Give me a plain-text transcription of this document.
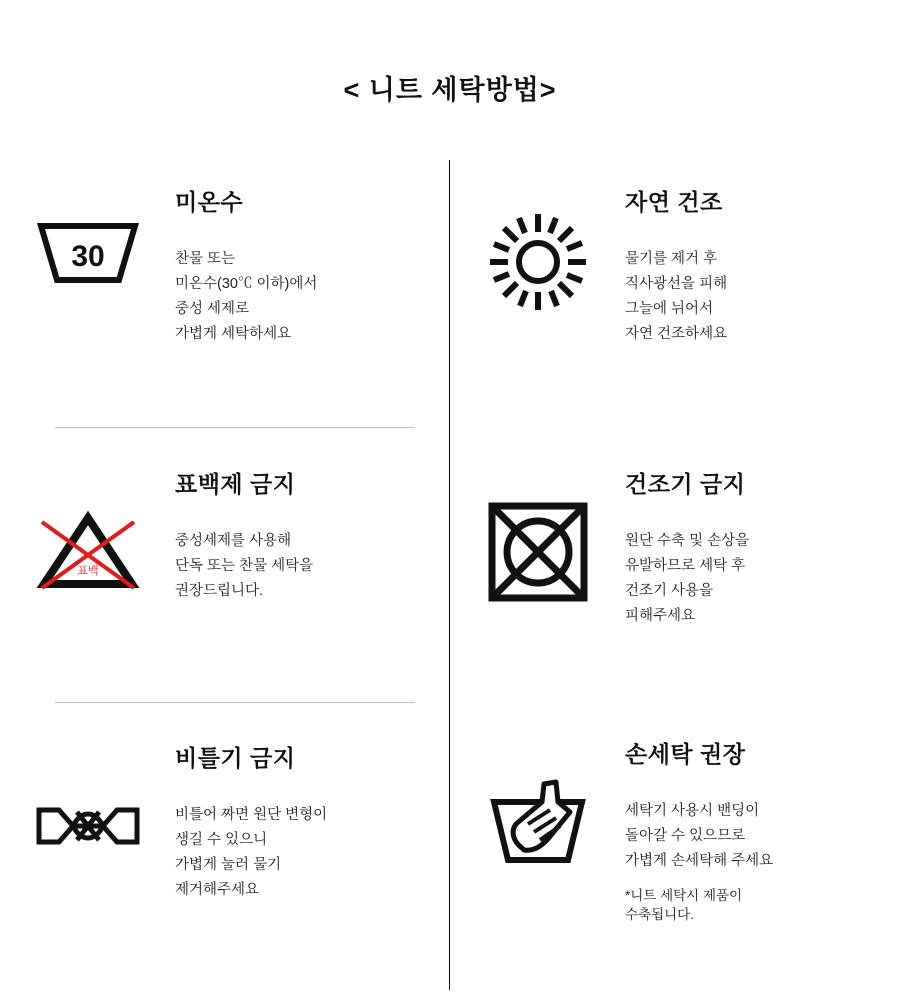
< 니트 세탁방법>
30
미온수
찬물 또는
미온수(30℃ 이하)에서
중성 세제로
가볍게 세탁하세요
자연 건조
물기를 제거 후
직사광선을 피해
그늘에 뉘어서
자연 건조하세요
표백
표백제 금지
중성세제를 사용해
단독 또는 찬물 세탁을
권장드립니다.
건조기 금지
원단 수축 및 손상을
유발하므로 세탁 후
건조기 사용을
피해주세요
비틀기 금지
비틀어 짜면 원단 변형이
생길 수 있으니
가볍게 눌러 물기
제거해주세요
손세탁 권장
세탁기 사용시 밴딩이
돌아갈 수 있으므로
가볍게 손세탁해 주세요
*니트 세탁시 제품이
수축됩니다.
